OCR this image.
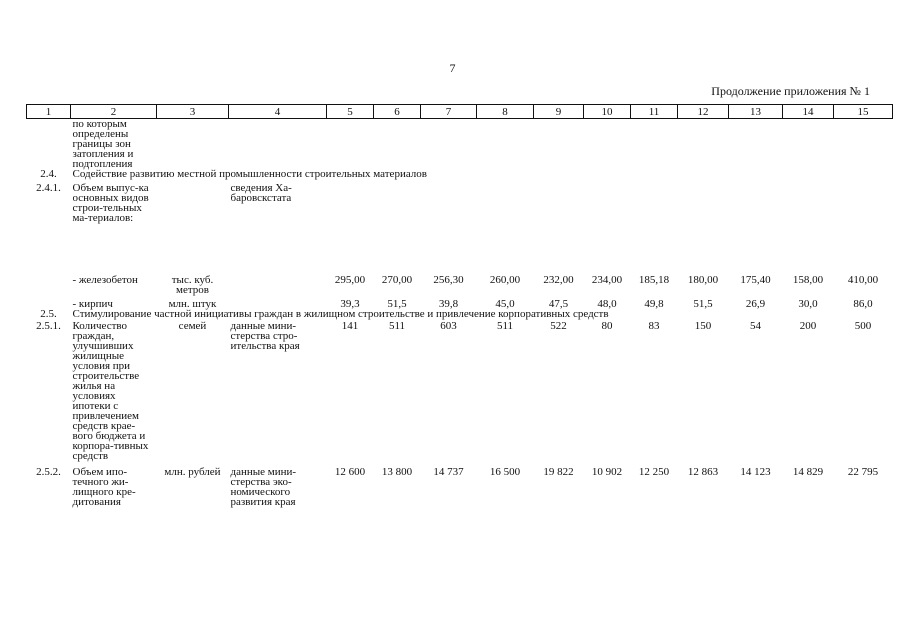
7
Продолжение приложения № 1
1	2	3	4	5	6	7	8	9	10	11	12	13	14	15
	по которым определены границы зон затопления и подтопления													
2.4.	Содействие развитию местной промышленности строительных материалов													

2.4.1.	Объем выпус-ка основных видов строи-тельных ма-териалов:		сведения Ха-баровскстата											

	- железобетон	тыс. куб. метров		295,00	270,00	256,30	260,00	232,00	234,00	185,18	180,00	175,40	158,00	410,00

	- кирпич	млн. штук		39,3	51,5	39,8	45,0	47,5	48,0	49,8	51,5	26,9	30,0	86,0
2.5.	Стимулирование частной инициативы граждан в жилищном строительстве и привлечение корпоративных средств													

2.5.1.	Количество граждан, улучшивших жилищные условия при строительстве жилья на условиях ипотеки с привлечением средств крае-вого бюджета и корпора-тивных средств	семей	данные мини-стерства стро-ительства края	141	511	603	511	522	80	83	150	54	200	500

2.5.2.	Объем ипо-течного жи-лищного кре-дитования	млн. рублей	данные мини-стерства эко-номического развития края	12 600	13 800	14 737	16 500	19 822	10 902	12 250	12 863	14 123	14 829	22 795
